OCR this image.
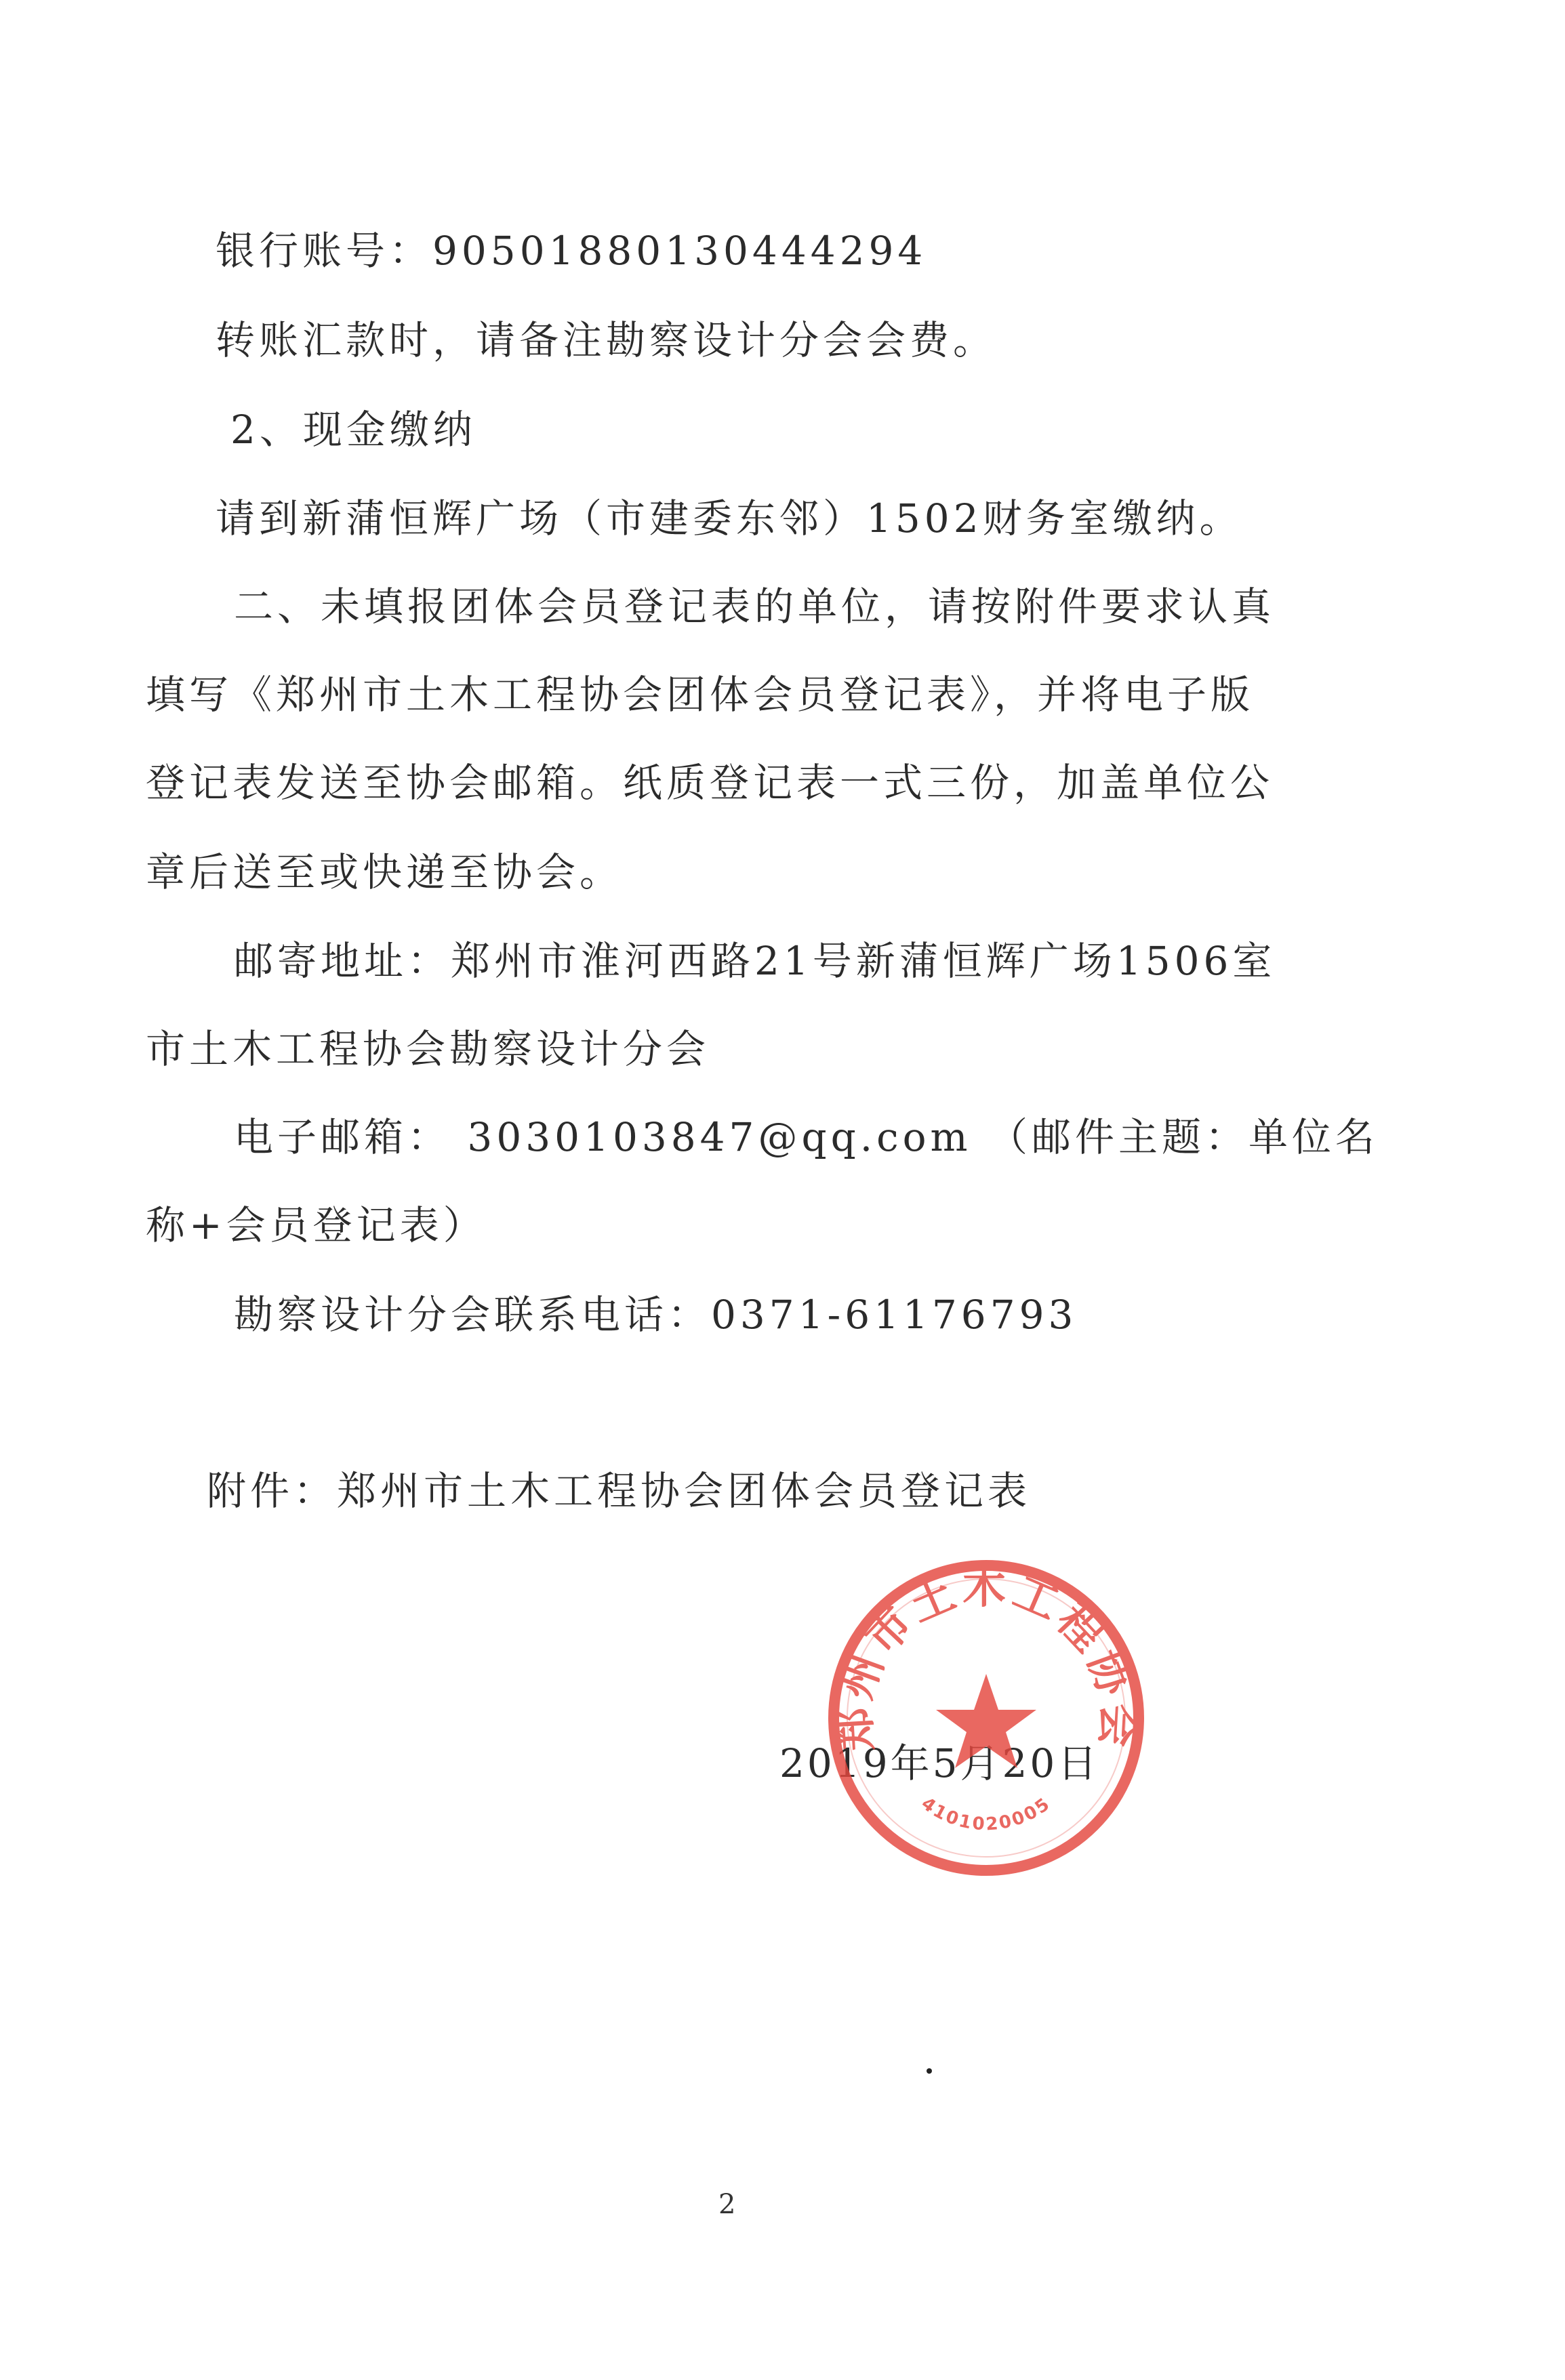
银行账号：90501880130444294
转账汇款时，请备注勘察设计分会会费。
2、现金缴纳
请到新蒲恒辉广场（市建委东邻）1502财务室缴纳。
二、未填报团体会员登记表的单位，请按附件要求认真
填写《郑州市土木工程协会团体会员登记表》，并将电子版
登记表发送至协会邮箱。纸质登记表一式三份，加盖单位公
章后送至或快递至协会。
邮寄地址：郑州市淮河西路21号新蒲恒辉广场1506室
市土木工程协会勘察设计分会
电子邮箱： 3030103847@qq.com （邮件主题：单位名
称+会员登记表）
勘察设计分会联系电话：0371-61176793
附件：郑州市土木工程协会团体会员登记表
2019年5月20日
郑州市土木工程协会
4101020005
2
